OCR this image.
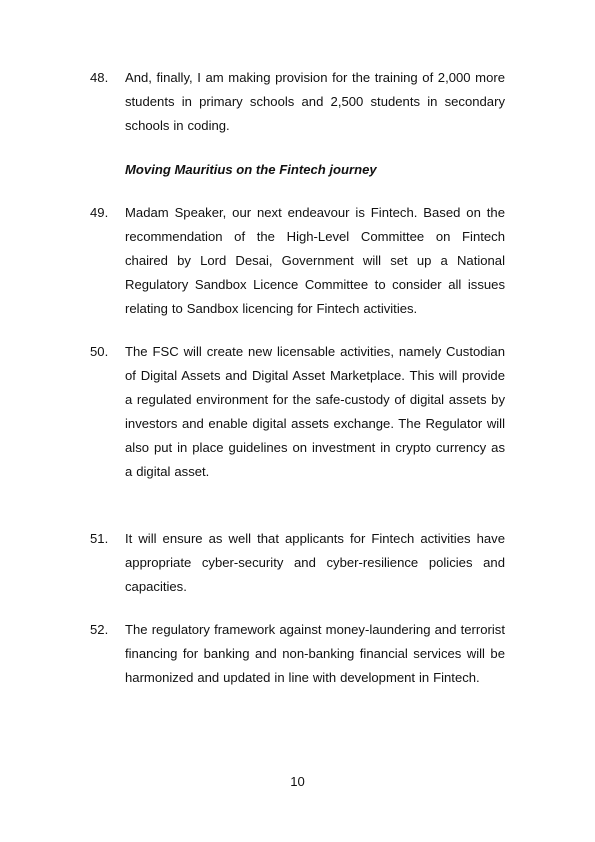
48.	And, finally, I am making provision for the training of 2,000 more students in primary schools and 2,500 students in secondary schools in coding.
Moving Mauritius on the Fintech journey
49.	Madam Speaker, our next endeavour is Fintech. Based on the recommendation of the High-Level Committee on Fintech chaired by Lord Desai, Government will set up a National Regulatory Sandbox Licence Committee to consider all issues relating to Sandbox licencing for Fintech activities.
50.	The FSC will create new licensable activities, namely Custodian of Digital Assets and Digital Asset Marketplace. This will provide a regulated environment for the safe-custody of digital assets by investors and enable digital assets exchange. The Regulator will also put in place guidelines on investment in crypto currency as a digital asset.
51.	It will ensure as well that applicants for Fintech activities have appropriate cyber-security and cyber-resilience policies and capacities.
52.	The regulatory framework against money-laundering and terrorist financing for banking and non-banking financial services will be harmonized and updated in line with development in Fintech.
10
